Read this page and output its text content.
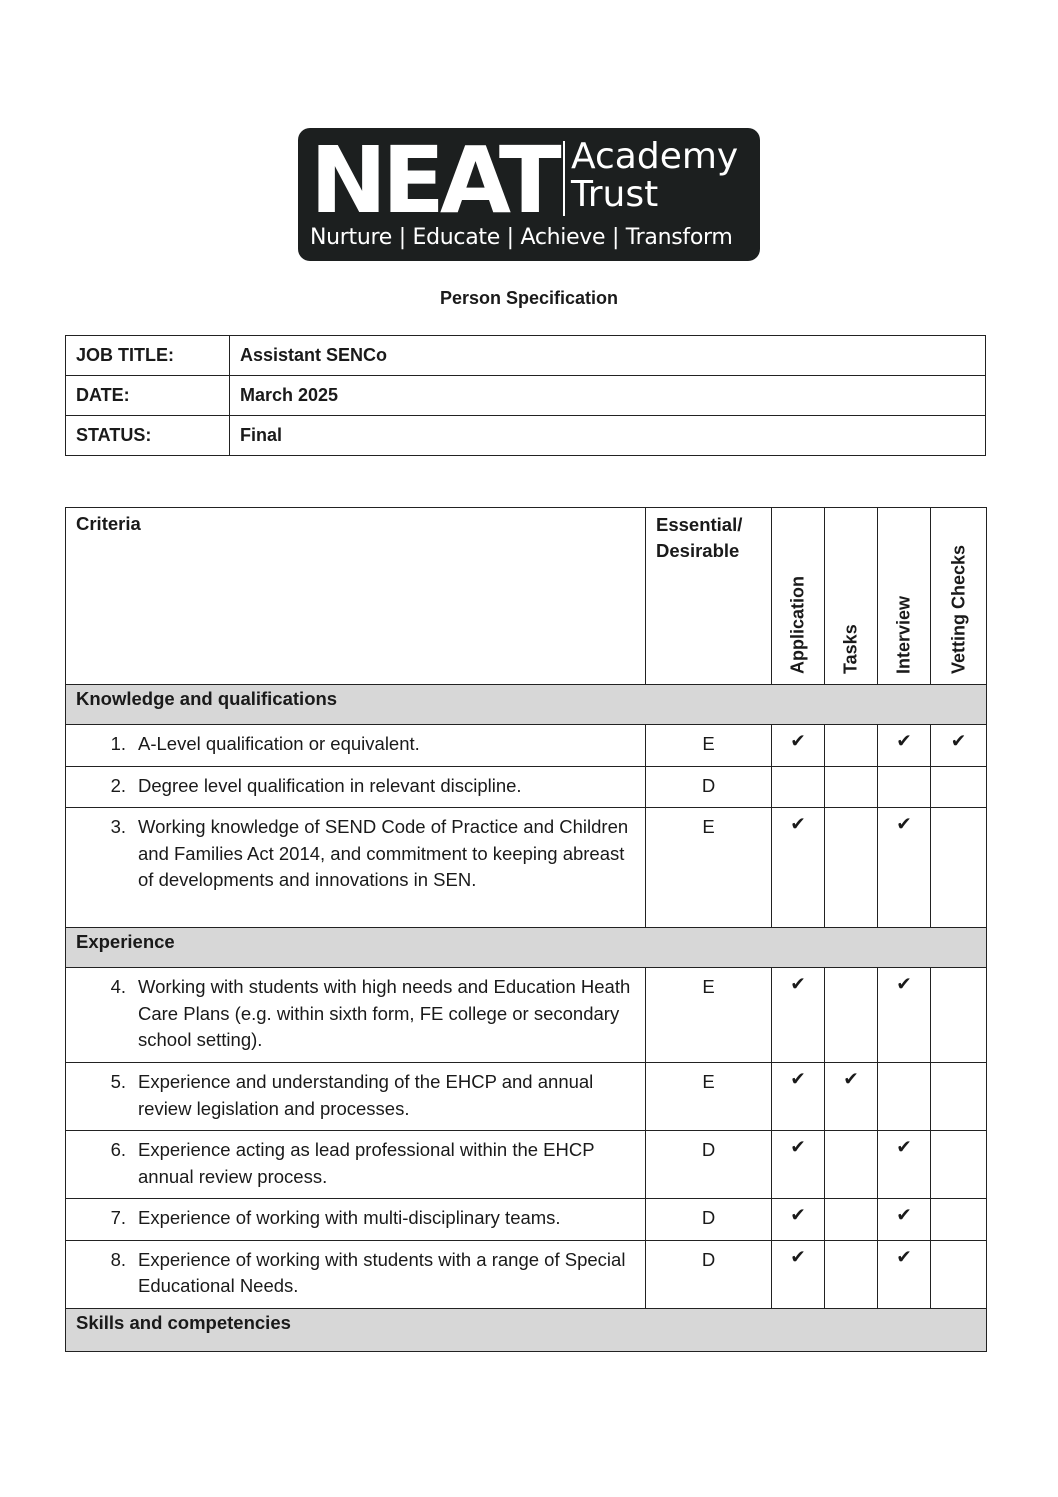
NEAT Academy
Trust
Nurture | Educate | Achieve | Transform
Person Specification
JOB TITLE:	Assistant SENCo
DATE:	March 2025
STATUS:	Final
Criteria	Essential/ Desirable	Application	Tasks	Interview	Vetting Checks

Knowledge and qualifications					

1. A-Level qualification or equivalent.	E	✔		✔	✔

2. Degree level qualification in relevant discipline.	D				

3. Working knowledge of SEND Code of Practice and Children and Families Act 2014, and commitment to keeping abreast of developments and innovations in SEN.	E	✔		✔	
Experience					

4. Working with students with high needs and Education Heath Care Plans (e.g. within sixth form, FE college or secondary school setting).	E	✔		✔	

5. Experience and understanding of the EHCP and annual review legislation and processes.	E	✔	✔		

6. Experience acting as lead professional within the EHCP annual review process.	D	✔		✔	

7. Experience of working with multi-disciplinary teams.	D	✔		✔	

8. Experience of working with students with a range of Special Educational Needs.	D	✔		✔	
Skills and competencies					
